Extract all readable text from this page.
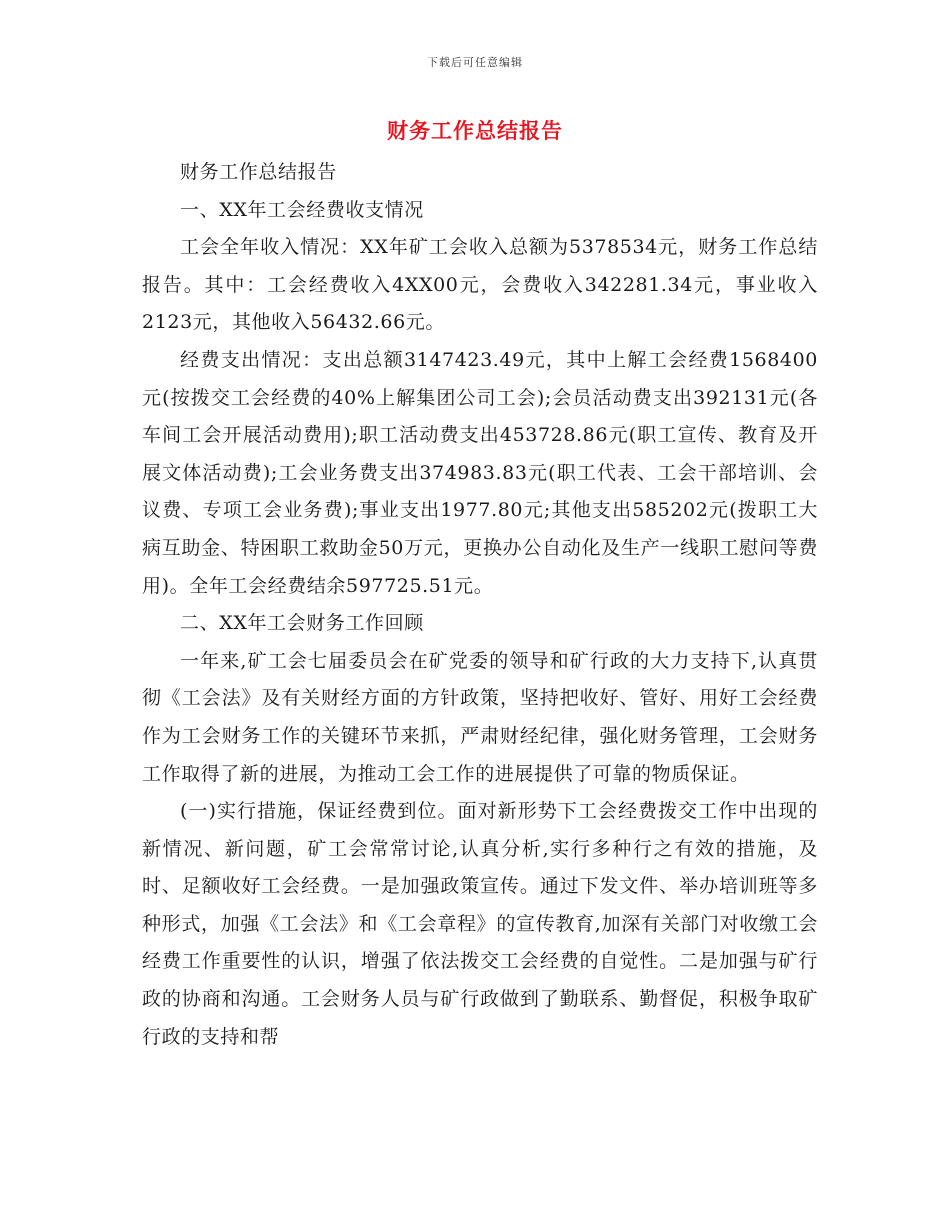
下载后可任意编辑
财务工作总结报告

财务工作总结报告

一、XX年工会经费收支情况

工会全年收入情况：XX年矿工会收入总额为5378534元，财务工作总结报告。其中：工会经费收入4XX00元，会费收入342281.34元，事业收入2123元，其他收入56432.66元。

经费支出情况：支出总额3147423.49元，其中上解工会经费1568400元(按拨交工会经费的40%上解集团公司工会);会员活动费支出392131元(各车间工会开展活动费用);职工活动费支出453728.86元(职工宣传、教育及开展文体活动费);工会业务费支出374983.83元(职工代表、工会干部培训、会议费、专项工会业务费);事业支出1977.80元;其他支出585202元(拨职工大病互助金、特困职工救助金50万元，更换办公自动化及生产一线职工慰问等费用)。全年工会经费结余597725.51元。

二、XX年工会财务工作回顾

一年来,矿工会七届委员会在矿党委的领导和矿行政的大力支持下,认真贯彻《工会法》及有关财经方面的方针政策，坚持把收好、管好、用好工会经费作为工会财务工作的关键环节来抓，严肃财经纪律，强化财务管理，工会财务工作取得了新的进展，为推动工会工作的进展提供了可靠的物质保证。

(一)实行措施，保证经费到位。面对新形势下工会经费拨交工作中出现的新情况、新问题，矿工会常常讨论,认真分析,实行多种行之有效的措施，及时、足额收好工会经费。一是加强政策宣传。通过下发文件、举办培训班等多种形式，加强《工会法》和《工会章程》的宣传教育,加深有关部门对收缴工会经费工作重要性的认识，增强了依法拨交工会经费的自觉性。二是加强与矿行政的协商和沟通。工会财务人员与矿行政做到了勤联系、勤督促，积极争取矿行政的支持和帮
